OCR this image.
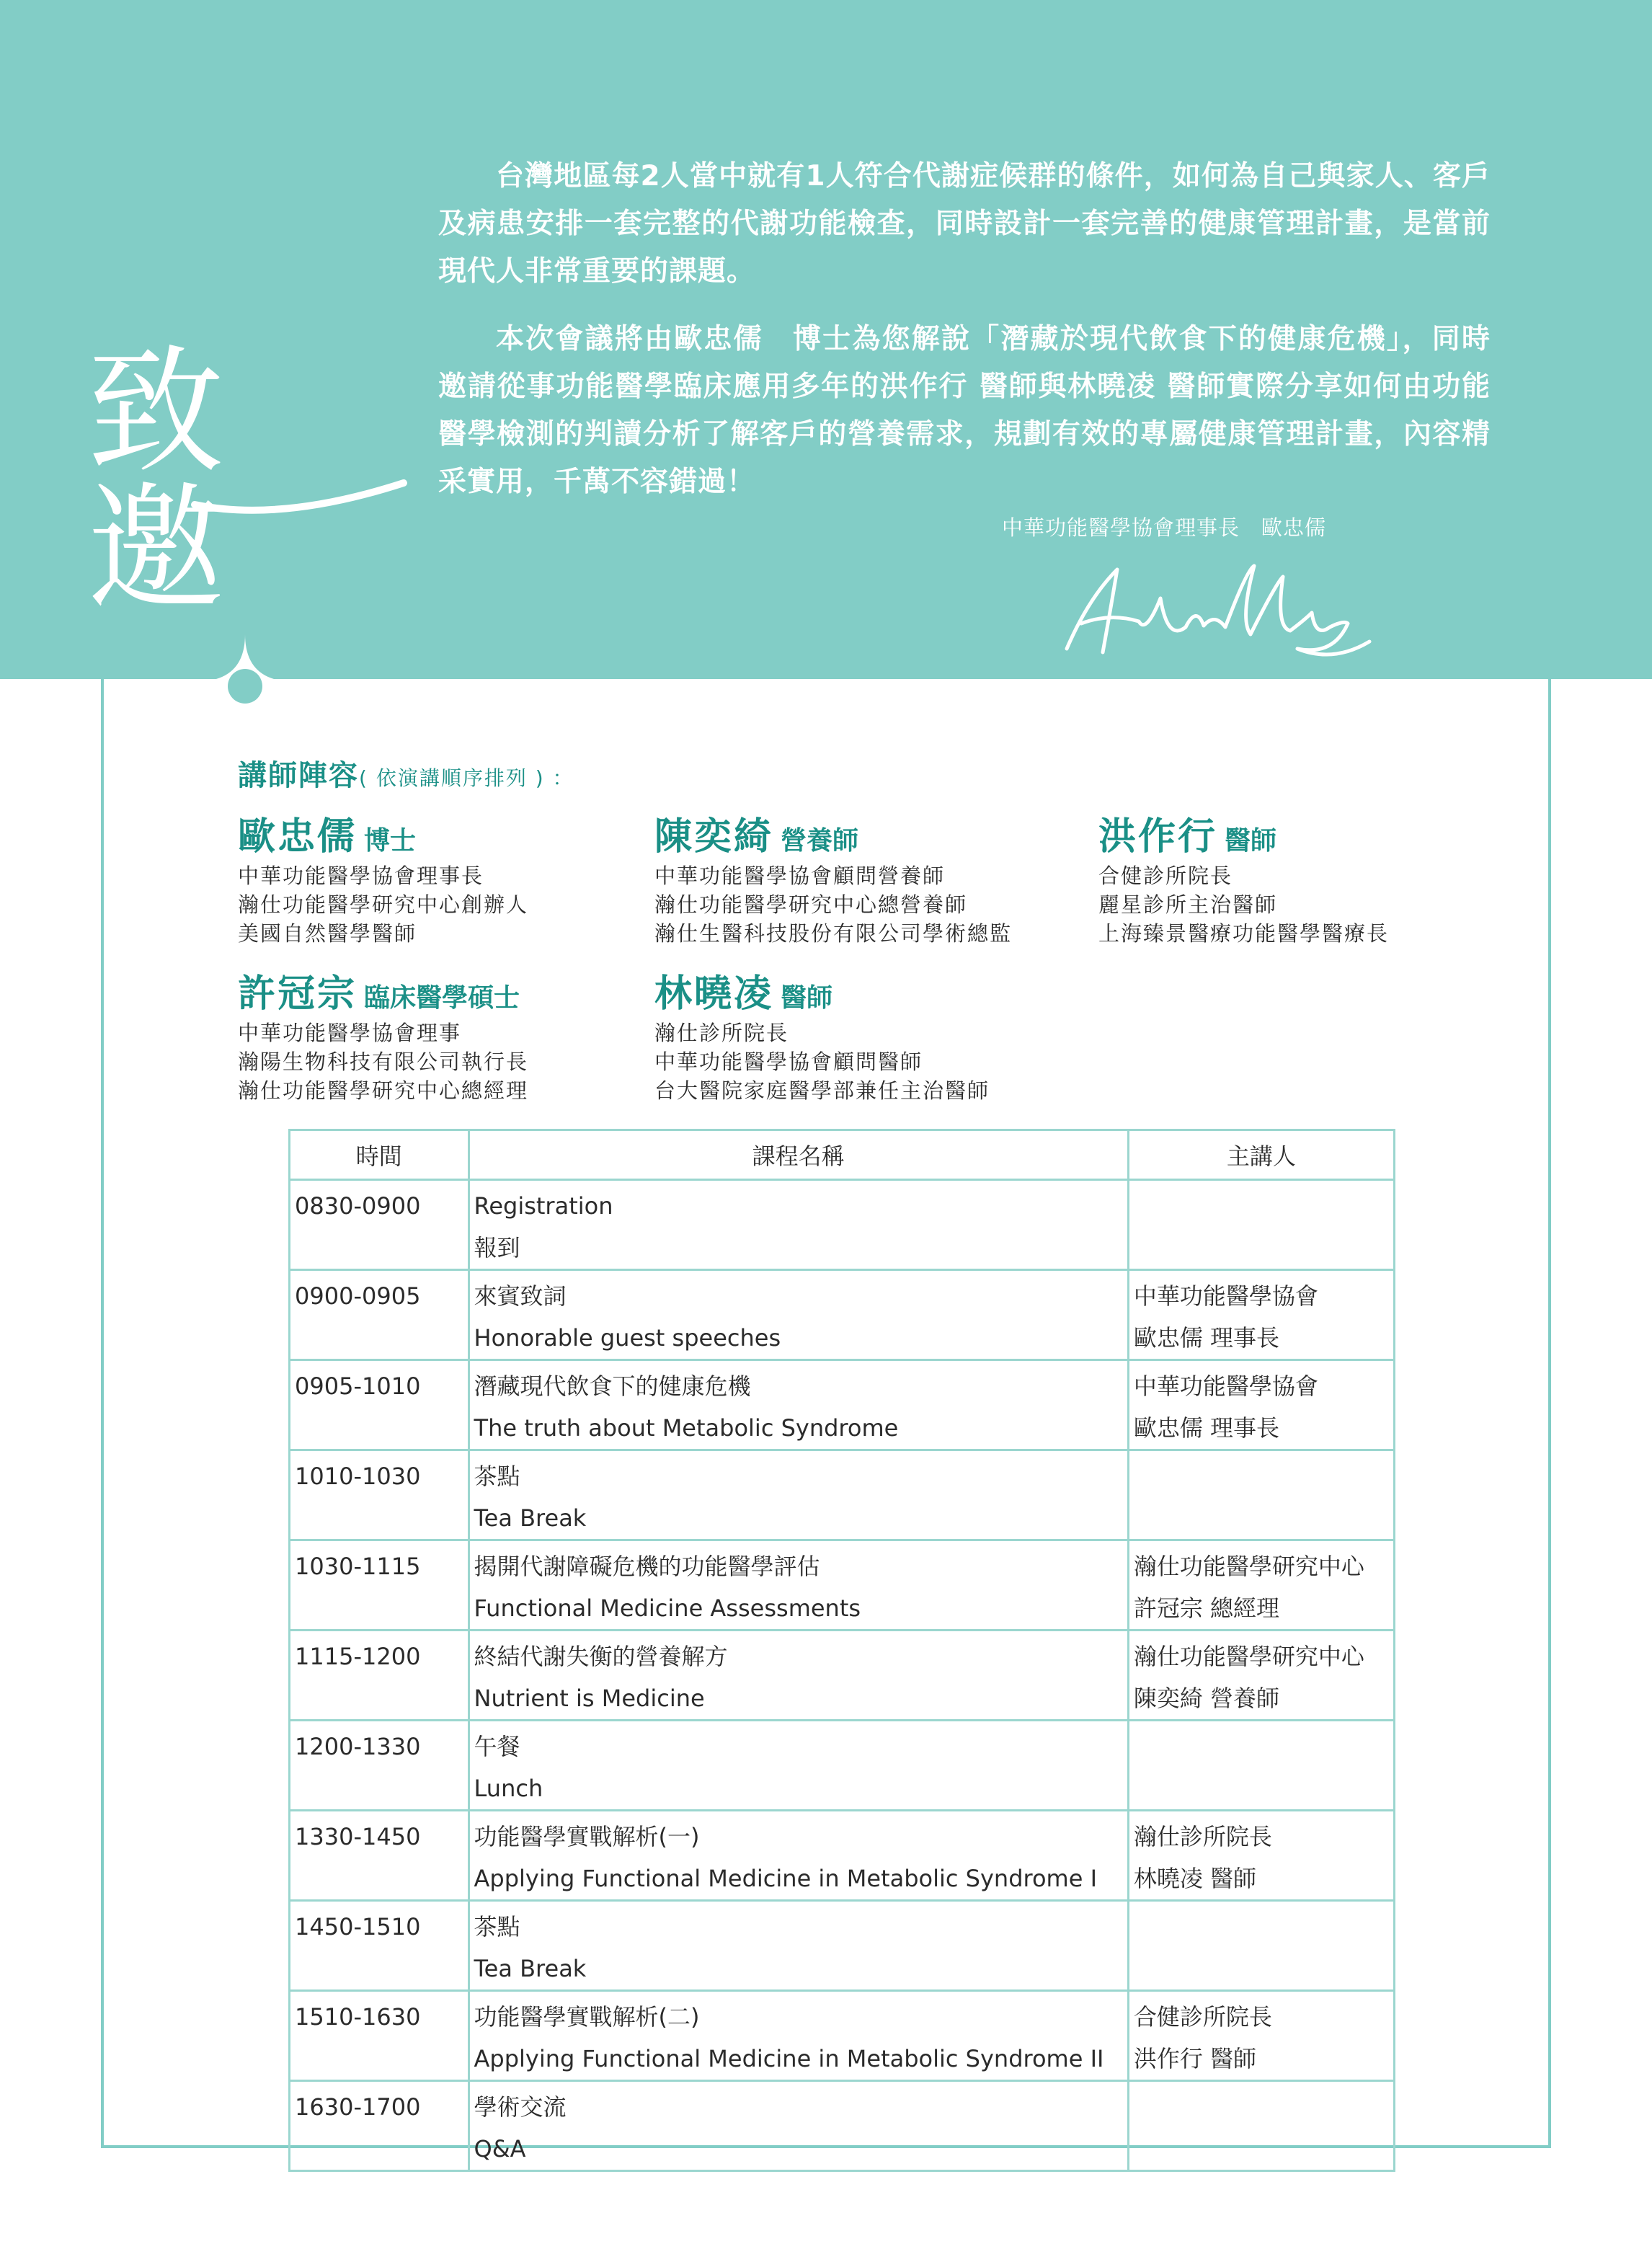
致邀

台灣地區每2人當中就有1人符合代謝症候群的條件，如何為自己與家人、客戶及病患安排一套完整的代謝功能檢查，同時設計一套完善的健康管理計畫，是當前現代人非常重要的課題。

本次會議將由歐忠儒　博士為您解說「潛藏於現代飲食下的健康危機」，同時邀請從事功能醫學臨床應用多年的洪作行 醫師與林曉凌 醫師實際分享如何由功能醫學檢測的判讀分析了解客戶的營養需求，規劃有效的專屬健康管理計畫，內容精采實用，千萬不容錯過！

中華功能醫學協會理事長　歐忠儒
講師陣容( 依演講順序排列 ) ：
歐忠儒 博士
中華功能醫學協會理事長
瀚仕功能醫學研究中心創辦人
美國自然醫學醫師
陳奕綺 營養師
中華功能醫學協會顧問營養師
瀚仕功能醫學研究中心總營養師
瀚仕生醫科技股份有限公司學術總監
洪作行 醫師
合健診所院長
麗星診所主治醫師
上海臻景醫療功能醫學醫療長
許冠宗 臨床醫學碩士
中華功能醫學協會理事
瀚陽生物科技有限公司執行長
瀚仕功能醫學研究中心總經理
林曉凌 醫師
瀚仕診所院長
中華功能醫學協會顧問醫師
台大醫院家庭醫學部兼任主治醫師
時間	課程名稱	主講人

0830-0900	Registration
報到	

0900-0905	來賓致詞
Honorable guest speeches	中華功能醫學協會
歐忠儒 理事長

0905-1010	潛藏現代飲食下的健康危機
The truth about Metabolic Syndrome	中華功能醫學協會
歐忠儒 理事長

1010-1030	茶點
Tea Break	

1030-1115	揭開代謝障礙危機的功能醫學評估
Functional Medicine Assessments	瀚仕功能醫學研究中心
許冠宗 總經理

1115-1200	終結代謝失衡的營養解方
Nutrient is Medicine	瀚仕功能醫學研究中心
陳奕綺 營養師

1200-1330	午餐
Lunch	

1330-1450	功能醫學實戰解析(一)
Applying Functional Medicine in Metabolic Syndrome I	瀚仕診所院長
林曉凌 醫師

1450-1510	茶點
Tea Break	

1510-1630	功能醫學實戰解析(二)
Applying Functional Medicine in Metabolic Syndrome II	合健診所院長
洪作行 醫師

1630-1700	學術交流
Q&A	
